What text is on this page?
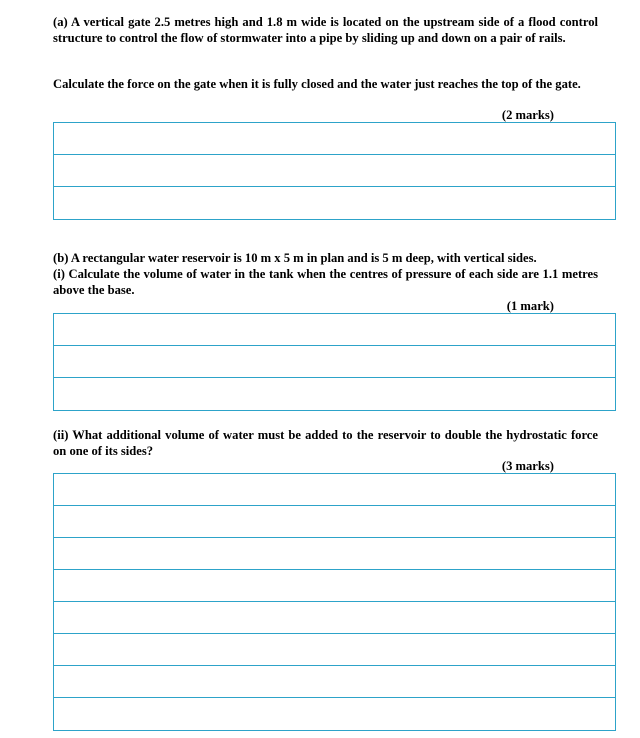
(a) A vertical gate 2.5 metres high and 1.8 m wide is located on the upstream side of a flood control structure to control the flow of stormwater into a pipe by sliding up and down on a pair of rails.

Calculate the force on the gate when it is fully closed and the water just reaches the top of the gate.

(2 marks)

(b) A rectangular water reservoir is 10 m x 5 m in plan and is 5 m deep, with vertical sides.

(i) Calculate the volume of water in the tank when the centres of pressure of each side are 1.1 metres above the base.

(1 mark)

(ii) What additional volume of water must be added to the reservoir to double the hydrostatic force on one of its sides?

(3 marks)
